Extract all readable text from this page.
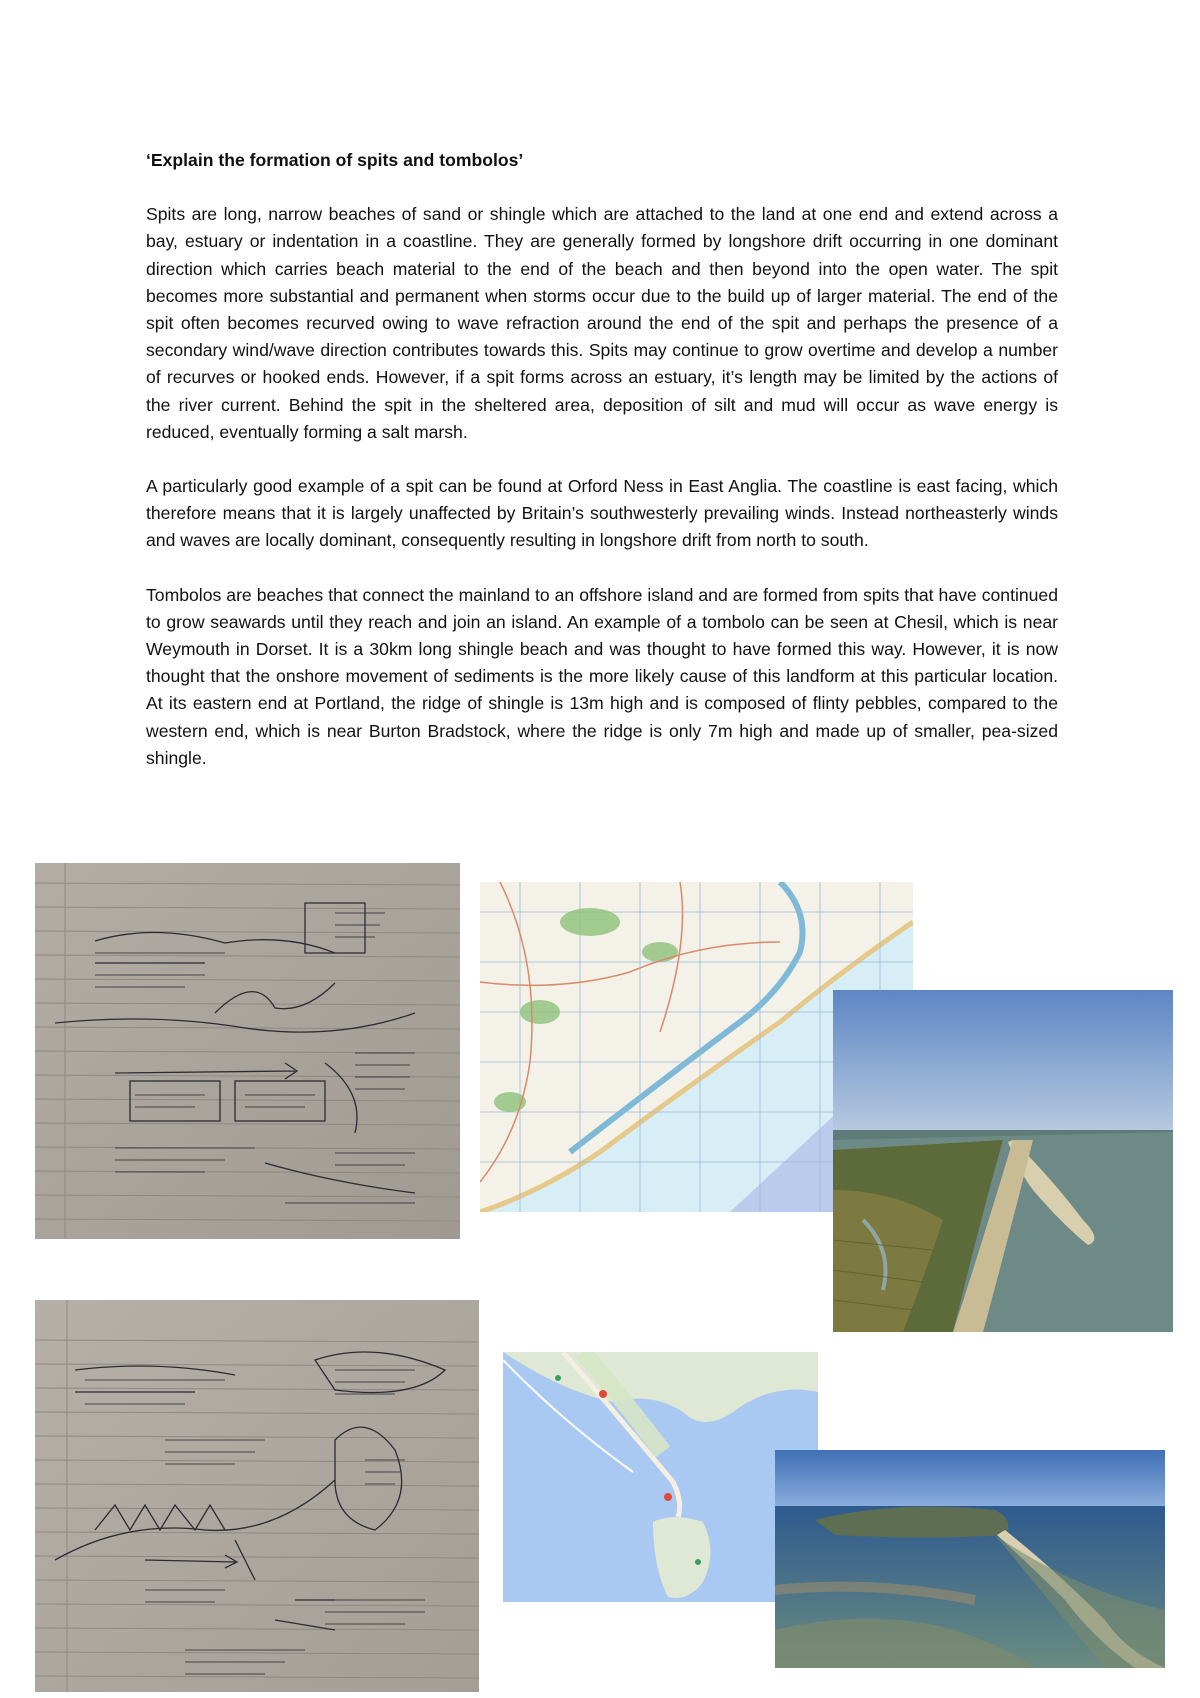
‘Explain the formation of spits and tombolos’

Spits are long, narrow beaches of sand or shingle which are attached to the land at one end and extend across a bay, estuary or indentation in a coastline. They are generally formed by longshore drift occurring in one dominant direction which carries beach material to the end of the beach and then beyond into the open water. The spit becomes more substantial and permanent when storms occur due to the build up of larger material. The end of the spit often becomes recurved owing to wave refraction around the end of the spit and perhaps the presence of a secondary wind/wave direction contributes towards this. Spits may continue to grow overtime and develop a number of recurves or hooked ends. However, if a spit forms across an estuary, it’s length may be limited by the actions of the river current. Behind the spit in the sheltered area, deposition of silt and mud will occur as wave energy is reduced, eventually forming a salt marsh.

A particularly good example of a spit can be found at Orford Ness in East Anglia. The coastline is east facing, which therefore means that it is largely unaffected by Britain’s southwesterly prevailing winds. Instead northeasterly winds and waves are locally dominant, consequently resulting in longshore drift from north to south.

Tombolos are beaches that connect the mainland to an offshore island and are formed from spits that have continued to grow seawards until they reach and join an island. An example of a tombolo can be seen at Chesil, which is near Weymouth in Dorset. It is a 30km long shingle beach and was thought to have formed this way. However, it is now thought that the onshore movement of sediments is the more likely cause of this landform at this particular location. At its eastern end at Portland, the ridge of shingle is 13m high and is composed of flinty pebbles, compared to the western end, which is near Burton Bradstock, where the ridge is only 7m high and made up of smaller, pea-sized shingle.
